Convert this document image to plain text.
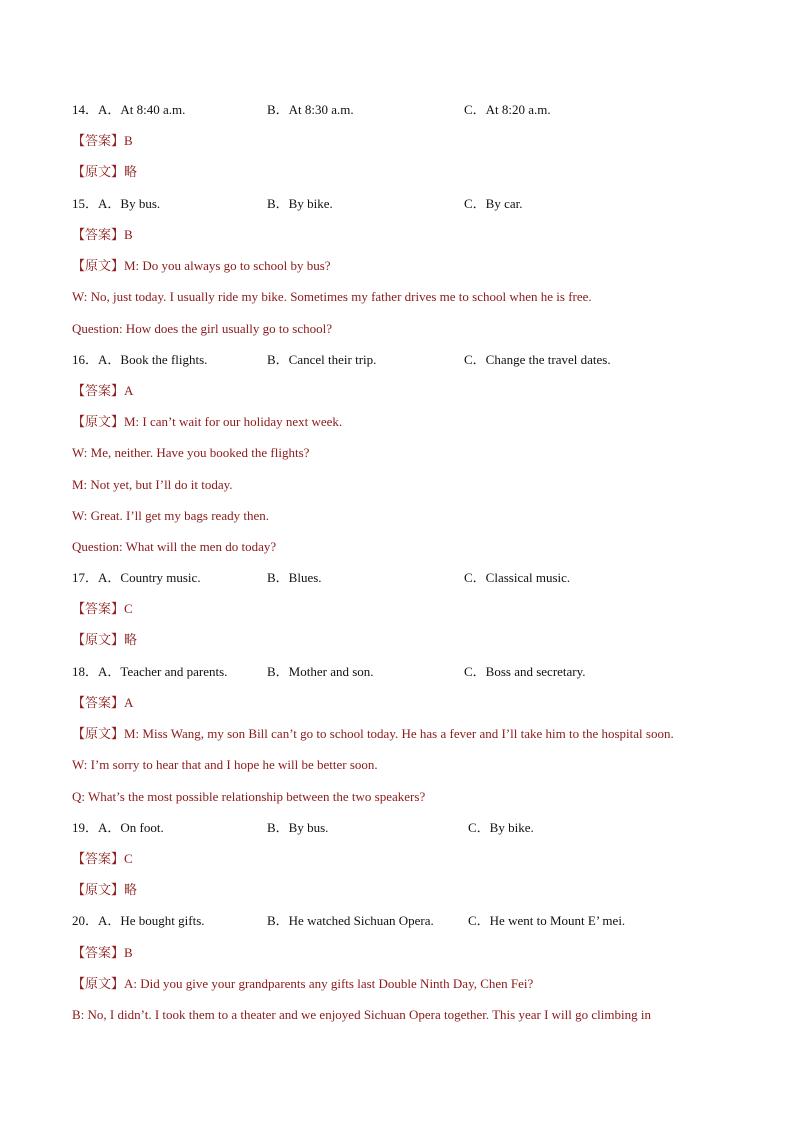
14．A．At 8:40 a.m.	B．At 8:30 a.m.	C．At 8:20 a.m.
【答案】B
【原文】略
15．A．By bus.	B．By bike.	C．By car.
【答案】B
【原文】M: Do you always go to school by bus?
W: No, just today. I usually ride my bike. Sometimes my father drives me to school when he is free.
Question: How does the girl usually go to school?
16．A．Book the flights.	B．Cancel their trip.	C．Change the travel dates.
【答案】A
【原文】M: I can’t wait for our holiday next week.
W: Me, neither. Have you booked the flights?
M: Not yet, but I’ll do it today.
W: Great. I’ll get my bags ready then.
Question: What will the men do today?
17．A．Country music.	B．Blues.	C．Classical music.
【答案】C
【原文】略
18．A．Teacher and parents.	B．Mother and son.	C．Boss and secretary.
【答案】A
【原文】M: Miss Wang, my son Bill can’t go to school today. He has a fever and I’ll take him to the hospital soon.
W: I’m sorry to hear that and I hope he will be better soon.
Q: What’s the most possible relationship between the two speakers?
19．A．On foot.	B．By bus.	C．By bike.
【答案】C
【原文】略
20．A．He bought gifts.	B．He watched Sichuan Opera.	C．He went to Mount E’ mei.
【答案】B
【原文】A: Did you give your grandparents any gifts last Double Ninth Day, Chen Fei?
B: No, I didn’t. I took them to a theater and we enjoyed Sichuan Opera together. This year I will go climbing in
